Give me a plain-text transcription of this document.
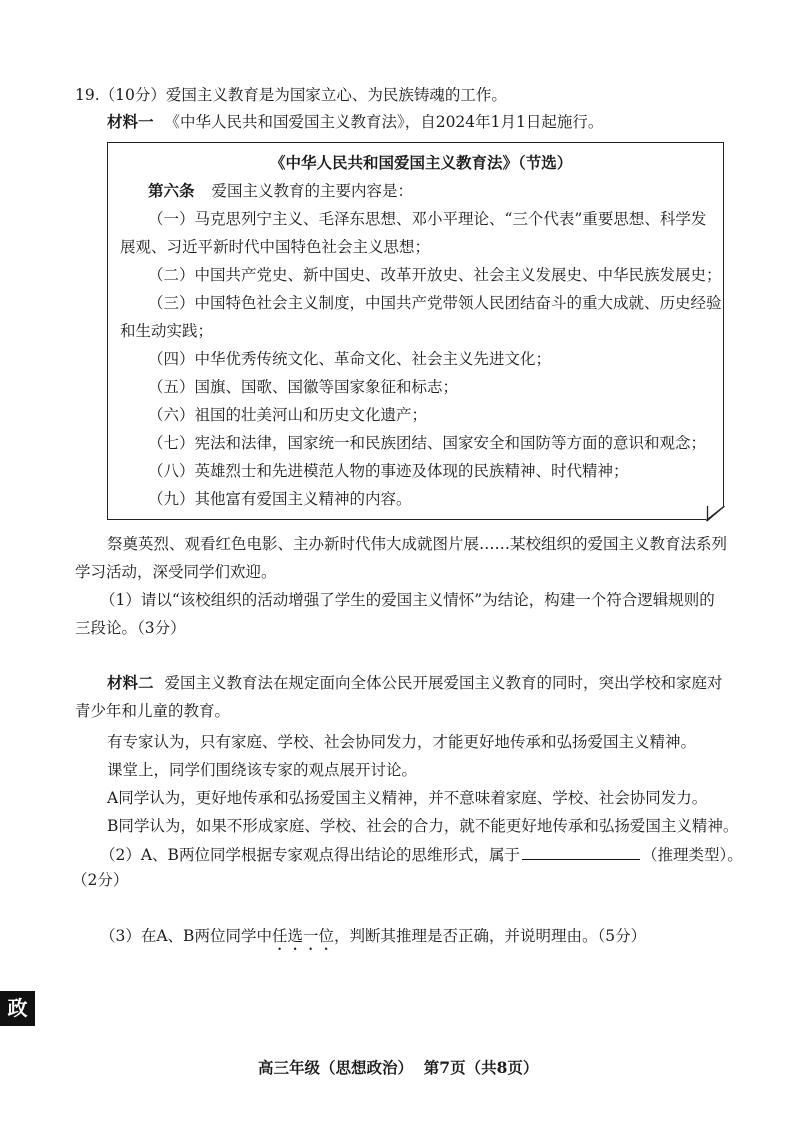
19.（10分）爱国主义教育是为国家立心、为民族铸魂的工作。
材料一 《中华人民共和国爱国主义教育法》，自2024年1月1日起施行。
《中华人民共和国爱国主义教育法》（节选）
第六条 爱国主义教育的主要内容是：
（一）马克思列宁主义、毛泽东思想、邓小平理论、“三个代表”重要思想、科学发
展观、习近平新时代中国特色社会主义思想；
（二）中国共产党史、新中国史、改革开放史、社会主义发展史、中华民族发展史；
（三）中国特色社会主义制度，中国共产党带领人民团结奋斗的重大成就、历史经验
和生动实践；
（四）中华优秀传统文化、革命文化、社会主义先进文化；
（五）国旗、国歌、国徽等国家象征和标志；
（六）祖国的壮美河山和历史文化遗产；
（七）宪法和法律，国家统一和民族团结、国家安全和国防等方面的意识和观念；
（八）英雄烈士和先进模范人物的事迹及体现的民族精神、时代精神；
（九）其他富有爱国主义精神的内容。
祭奠英烈、观看红色电影、主办新时代伟大成就图片展……某校组织的爱国主义教育法系列
学习活动，深受同学们欢迎。
（1）请以“该校组织的活动增强了学生的爱国主义情怀”为结论，构建一个符合逻辑规则的
三段论。（3分）
材料二 爱国主义教育法在规定面向全体公民开展爱国主义教育的同时，突出学校和家庭对
青少年和儿童的教育。
有专家认为，只有家庭、学校、社会协同发力，才能更好地传承和弘扬爱国主义精神。
课堂上，同学们围绕该专家的观点展开讨论。
A同学认为，更好地传承和弘扬爱国主义精神，并不意味着家庭、学校、社会协同发力。
B同学认为，如果不形成家庭、学校、社会的合力，就不能更好地传承和弘扬爱国主义精神。
（2）A、B两位同学根据专家观点得出结论的思维形式，属于	（推理类型）。
（2分）
（3）在A、B两位同学中任选一位，判断其推理是否正确，并说明理由。（5分）
政
高三年级（思想政治）  第7页（共8页）
